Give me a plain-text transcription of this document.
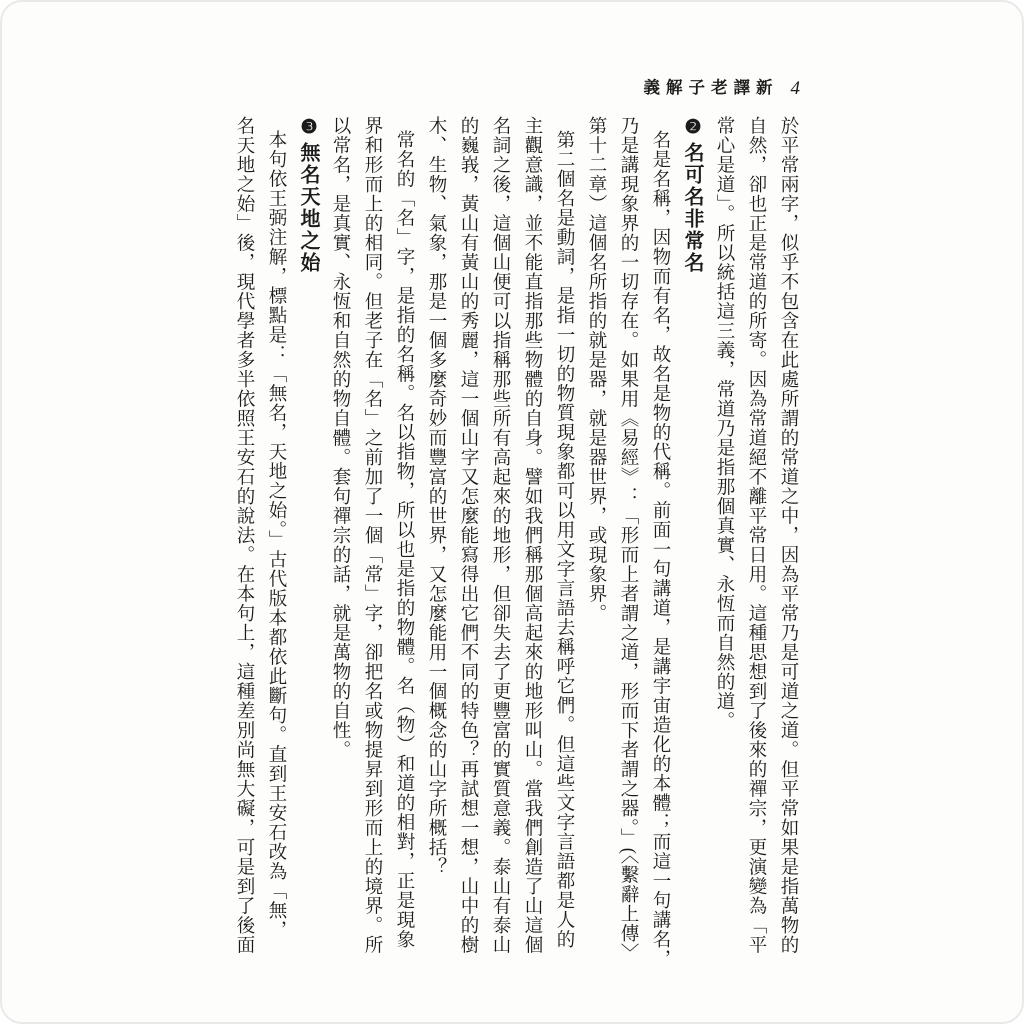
義解子老譯新 4
於平常兩字，似乎不包含在此處所謂的常道之中，因為平常乃是可道之道。但平常如果是指萬物的
自然，卻也正是常道的所寄。因為常道絕不離平常日用。這種思想到了後來的禪宗，更演變為「平
常心是道」。所以統括這三義，常道乃是指那個真實、永恆而自然的道。
❷名可名非常名
名是名稱，因物而有名，故名是物的代稱。前面一句講道，是講宇宙造化的本體；而這一句講名，
乃是講現象界的一切存在。如果用《易經》：「形而上者謂之道，形而下者謂之器。」(〈繫辭上傳〉
第十二章）這個名所指的就是器，就是器世界，或現象界。
第二個名是動詞，是指一切的物質現象都可以用文字言語去稱呼它們。但這些文字言語都是人的
主觀意識，並不能直指那些物體的自身。譬如我們稱那個高起來的地形叫山。當我們創造了山這個
名詞之後，這個山便可以指稱那些所有高起來的地形，但卻失去了更豐富的實質意義。泰山有泰山
的巍峩，黃山有黃山的秀麗，這一個山字又怎麼能寫得出它們不同的特色？再試想一想，山中的樹
木、生物、氣象，那是一個多麼奇妙而豐富的世界，又怎麼能用一個概念的山字所概括？
常名的「名」字，是指的名稱。名以指物，所以也是指的物體。名（物）和道的相對，正是現象
界和形而上的相同。但老子在「名」之前加了一個「常」字，卻把名或物提昇到形而上的境界。所
以常名，是真實、永恆和自然的物自體。套句禪宗的話，就是萬物的自性。
❸無名天地之始
本句依王弼注解，標點是：「無名，天地之始。」古代版本都依此斷句。直到王安石改為「無，
名天地之始」後，現代學者多半依照王安石的說法。在本句上，這種差別尚無大礙，可是到了後面
